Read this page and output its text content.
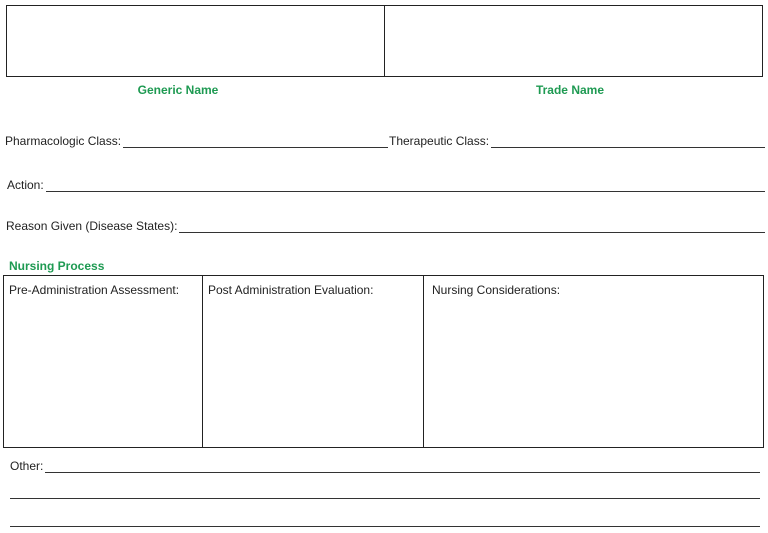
Generic Name	Trade Name
Pharmacologic Class:	Therapeutic Class:
Action:
Reason Given (Disease States):
Nursing Process
Pre-Administration Assessment:	Post Administration Evaluation:	Nursing Considerations:
Other:
